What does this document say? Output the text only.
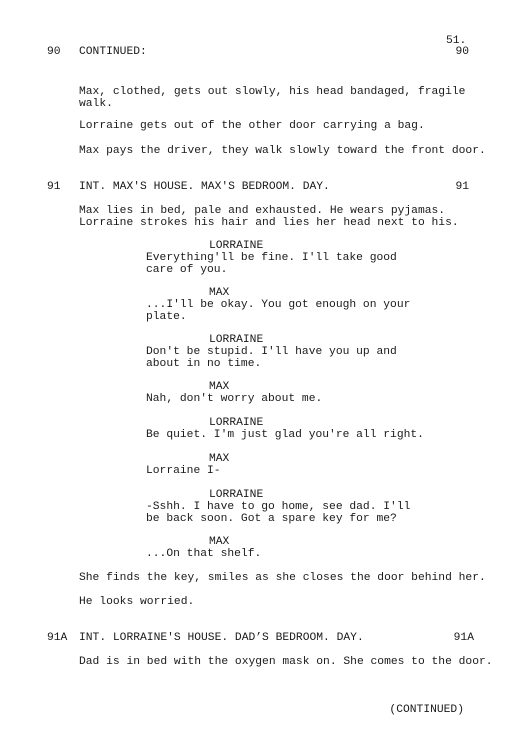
51.
90 CONTINUED:	90
Max, clothed, gets out slowly, his head bandaged, fragile
walk.
Lorraine gets out of the other door carrying a bag.
Max pays the driver, they walk slowly toward the front door.
91 INT. MAX'S HOUSE. MAX'S BEDROOM. DAY.	91
Max lies in bed, pale and exhausted. He wears pyjamas.
Lorraine strokes his hair and lies her head next to his.
LORRAINE
Everything'll be fine. I'll take good
care of you.
MAX
...I'll be okay. You got enough on your
plate.
LORRAINE
Don't be stupid. I'll have you up and
about in no time.
MAX
Nah, don't worry about me.
LORRAINE
Be quiet. I'm just glad you're all right.
MAX
Lorraine I-
LORRAINE
-Sshh. I have to go home, see dad. I'll
be back soon. Got a spare key for me?
MAX
...On that shelf.
She finds the key, smiles as she closes the door behind her.
He looks worried.
91A INT. LORRAINE'S HOUSE. DAD’S BEDROOM. DAY.	91A
Dad is in bed with the oxygen mask on. She comes to the door.
(CONTINUED)
